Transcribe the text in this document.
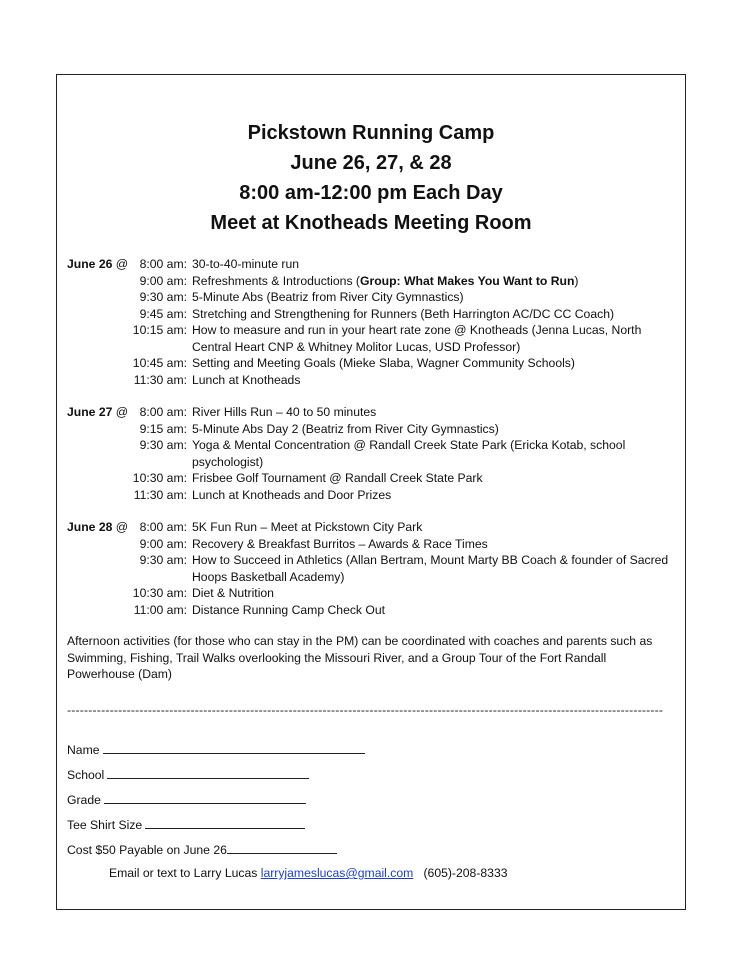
Pickstown Running Camp
June 26, 27, & 28
8:00 am-12:00 pm Each Day
Meet at Knotheads Meeting Room
June 26 @ 8:00 am: 30-to-40-minute run
9:00 am: Refreshments & Introductions (Group: What Makes You Want to Run)
9:30 am: 5-Minute Abs (Beatriz from River City Gymnastics)
9:45 am: Stretching and Strengthening for Runners (Beth Harrington AC/DC CC Coach)
10:15 am: How to measure and run in your heart rate zone @ Knotheads (Jenna Lucas, North
Central Heart CNP & Whitney Molitor Lucas, USD Professor)
10:45 am: Setting and Meeting Goals (Mieke Slaba, Wagner Community Schools)
11:30 am: Lunch at Knotheads
June 27 @ 8:00 am: River Hills Run – 40 to 50 minutes
9:15 am: 5-Minute Abs Day 2 (Beatriz from River City Gymnastics)
9:30 am: Yoga & Mental Concentration @ Randall Creek State Park (Ericka Kotab, school
psychologist)
10:30 am: Frisbee Golf Tournament @ Randall Creek State Park
11:30 am: Lunch at Knotheads and Door Prizes
June 28 @ 8:00 am: 5K Fun Run – Meet at Pickstown City Park
9:00 am: Recovery & Breakfast Burritos – Awards & Race Times
9:30 am: How to Succeed in Athletics (Allan Bertram, Mount Marty BB Coach & founder of Sacred
Hoops Basketball Academy)
10:30 am: Diet & Nutrition
11:00 am: Distance Running Camp Check Out
Afternoon activities (for those who can stay in the PM) can be coordinated with coaches and parents such as Swimming, Fishing, Trail Walks overlooking the Missouri River, and a Group Tour of the Fort Randall Powerhouse (Dam)
--------------------------------------------------------------------------------------------------------------------------------------------
Name
School
Grade
Tee Shirt Size
Cost $50 Payable on June 26
Email or text to Larry Lucas larryjameslucas@gmail.com (605)-208-8333
